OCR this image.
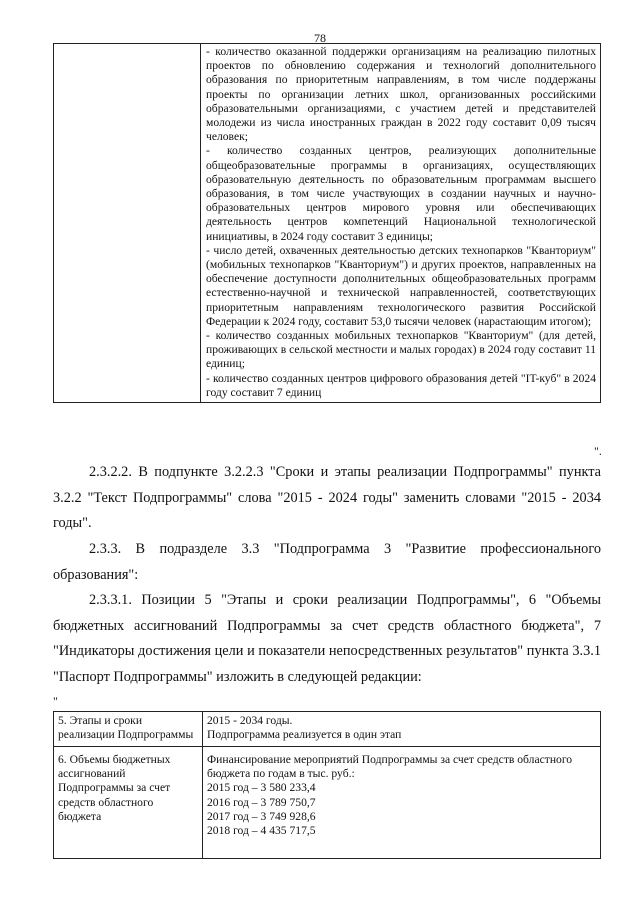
78

- количество оказанной поддержки организациям на реализацию пилотных проектов по обновлению содержания и технологий дополнительного образования по приоритетным направлениям, в том числе поддержаны проекты по организации летних школ, организованных российскими образовательными организациями, с участием детей и представителей молодежи из числа иностранных граждан в 2022 году составит 0,09 тысяч человек;

- количество созданных центров, реализующих дополнительные общеобразовательные программы в организациях, осуществляющих образовательную деятельность по образовательным программам высшего образования, в том числе участвующих в создании научных и научно-образовательных центров мирового уровня или обеспечивающих деятельность центров компетенций Национальной технологической инициативы, в 2024 году составит 3 единицы;

- число детей, охваченных деятельностью детских технопарков "Кванториум" (мобильных технопарков "Кванториум") и других проектов, направленных на обеспечение доступности дополнительных общеобразовательных программ естественно-научной и технической направленностей, соответствующих приоритетным направлениям технологического развития Российской Федерации к 2024 году, составит 53,0 тысячи человек (нарастающим итогом);

- количество созданных мобильных технопарков "Кванториум" (для детей, проживающих в сельской местности и малых городах) в 2024 году составит 11 единиц;

- количество созданных центров цифрового образования детей "IT-куб" в 2024 году составит 7 единиц

".

2.3.2.2. В подпункте 3.2.2.3 "Сроки и этапы реализации Подпрограммы" пункта 3.2.2 "Текст Подпрограммы" слова "2015 - 2024 годы" заменить словами "2015 - 2034 годы".

2.3.3. В подразделе 3.3 "Подпрограмма 3 "Развитие профессионального образования":

2.3.3.1. Позиции 5 "Этапы и сроки реализации Подпрограммы", 6 "Объемы бюджетных ассигнований Подпрограммы за счет средств областного бюджета", 7 "Индикаторы достижения цели и показатели непосредственных результатов" пункта 3.3.1 "Паспорт Подпрограммы" изложить в следующей редакции:

"
5. Этапы и сроки реализации Подпрограммы	2015 - 2034 годы.
Подпрограмма реализуется в один этап

6. Объемы бюджетных ассигнований Подпрограммы за счет средств областного бюджета	Финансирование мероприятий Подпрограммы за счет средств областного бюджета по годам в тыс. руб.:
2015 год – 3 580 233,4
2016 год – 3 789 750,7
2017 год – 3 749 928,6
2018 год – 4 435 717,5
